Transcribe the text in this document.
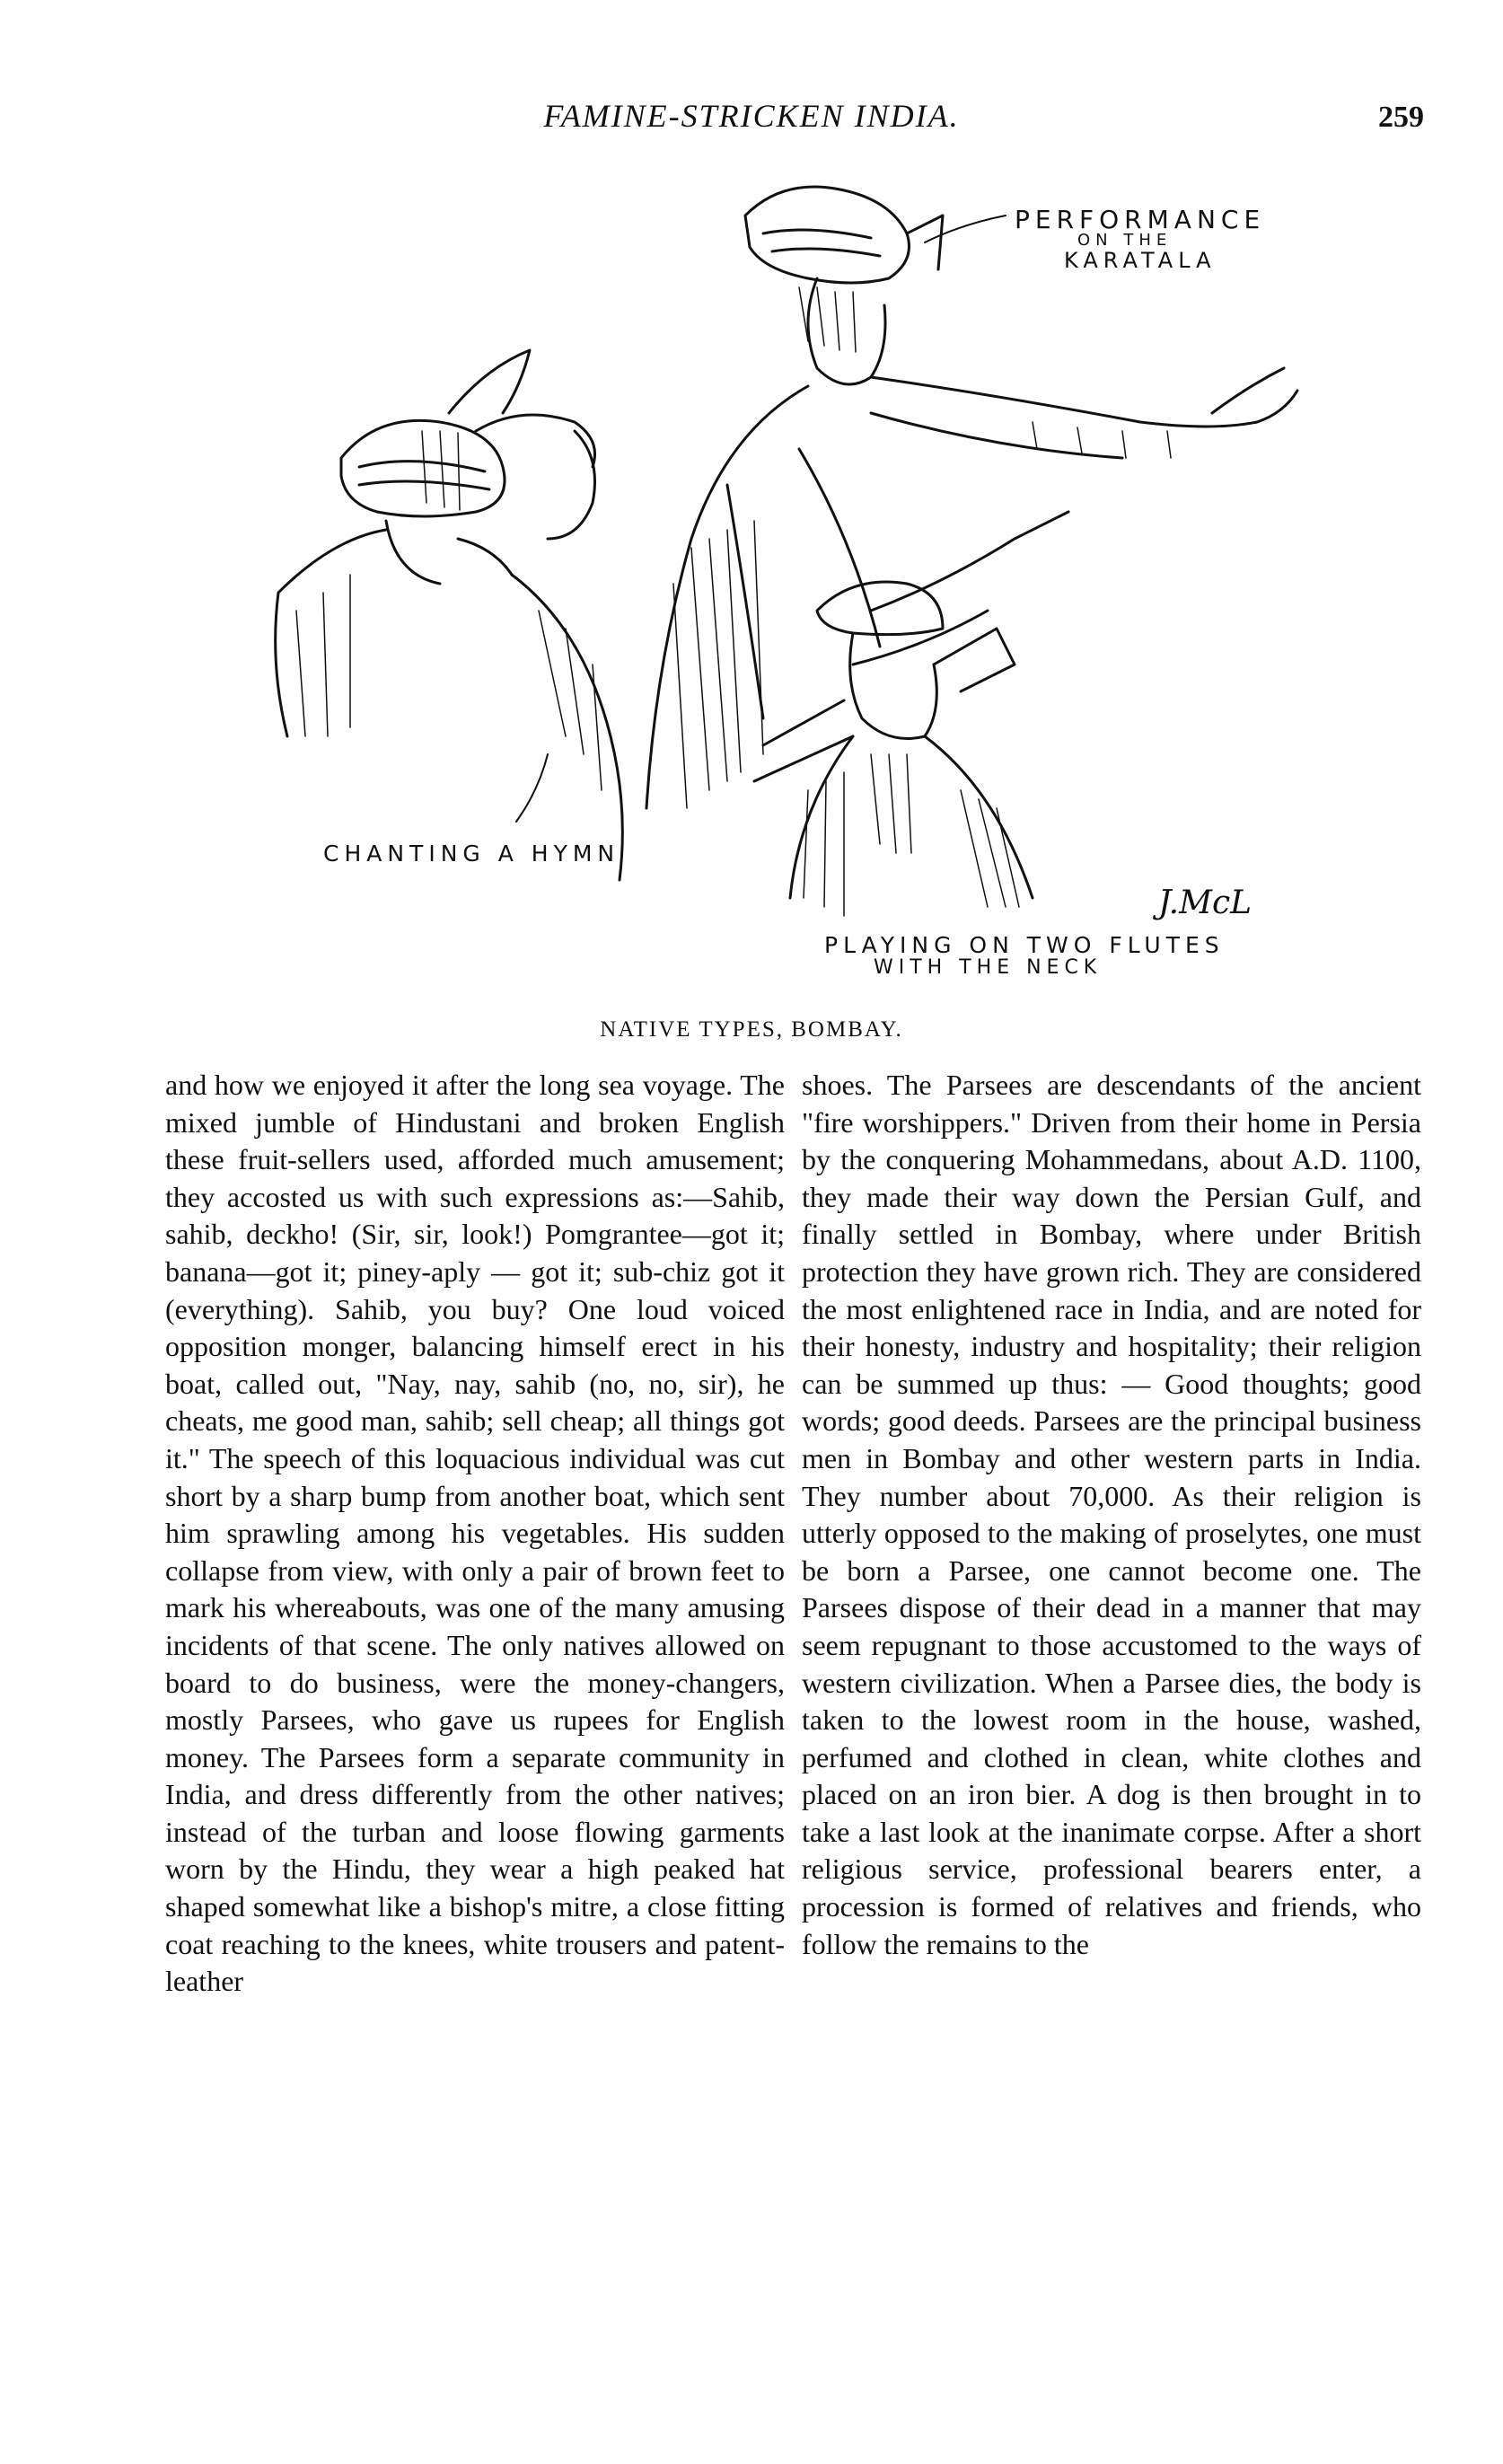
FAMINE-STRICKEN INDIA.	259
PERFORMANCE
ON THE
KARATALA
CHANTING A HYMN
PLAYING ON TWO FLUTES
WITH THE NECK
J.McL
NATIVE TYPES, BOMBAY.

and how we enjoyed it after the long sea voyage. The mixed jumble of Hindustani and broken English these fruit-sellers used, afforded much amusement; they accosted us with such expressions as:—Sahib, sahib, deckho! (Sir, sir, look!) Pomgrantee—got it; banana—got it; piney-aply — got it; sub-chiz got it (everything). Sahib, you buy? One loud voiced opposition monger, balancing himself erect in his boat, called out, "Nay, nay, sahib (no, no, sir), he cheats, me good man, sahib; sell cheap; all things got it." The speech of this loquacious individual was cut short by a sharp bump from another boat, which sent him sprawling among his vegetables. His sudden collapse from view, with only a pair of brown feet to mark his whereabouts, was one of the many amusing incidents of that scene. The only natives allowed on board to do business, were the money-changers, mostly Parsees, who gave us rupees for English money. The Parsees form a separate community in India, and dress differently from the other natives; instead of the turban and loose flowing garments worn by the Hindu, they wear a high peaked hat shaped somewhat like a bishop's mitre, a close fitting coat reaching to the knees, white trousers and patent-leather

shoes. The Parsees are descendants of the ancient "fire worshippers." Driven from their home in Persia by the conquering Mohammedans, about A.D. 1100, they made their way down the Persian Gulf, and finally settled in Bombay, where under British protection they have grown rich. They are considered the most enlightened race in India, and are noted for their honesty, industry and hospitality; their religion can be summed up thus: — Good thoughts; good words; good deeds. Parsees are the principal business men in Bombay and other western parts in India. They number about 70,000. As their religion is utterly opposed to the making of proselytes, one must be born a Parsee, one cannot become one. The Parsees dispose of their dead in a manner that may seem repugnant to those accustomed to the ways of western civilization. When a Parsee dies, the body is taken to the lowest room in the house, washed, perfumed and clothed in clean, white clothes and placed on an iron bier. A dog is then brought in to take a last look at the inanimate corpse. After a short religious service, professional bearers enter, a procession is formed of relatives and friends, who follow the remains to the
